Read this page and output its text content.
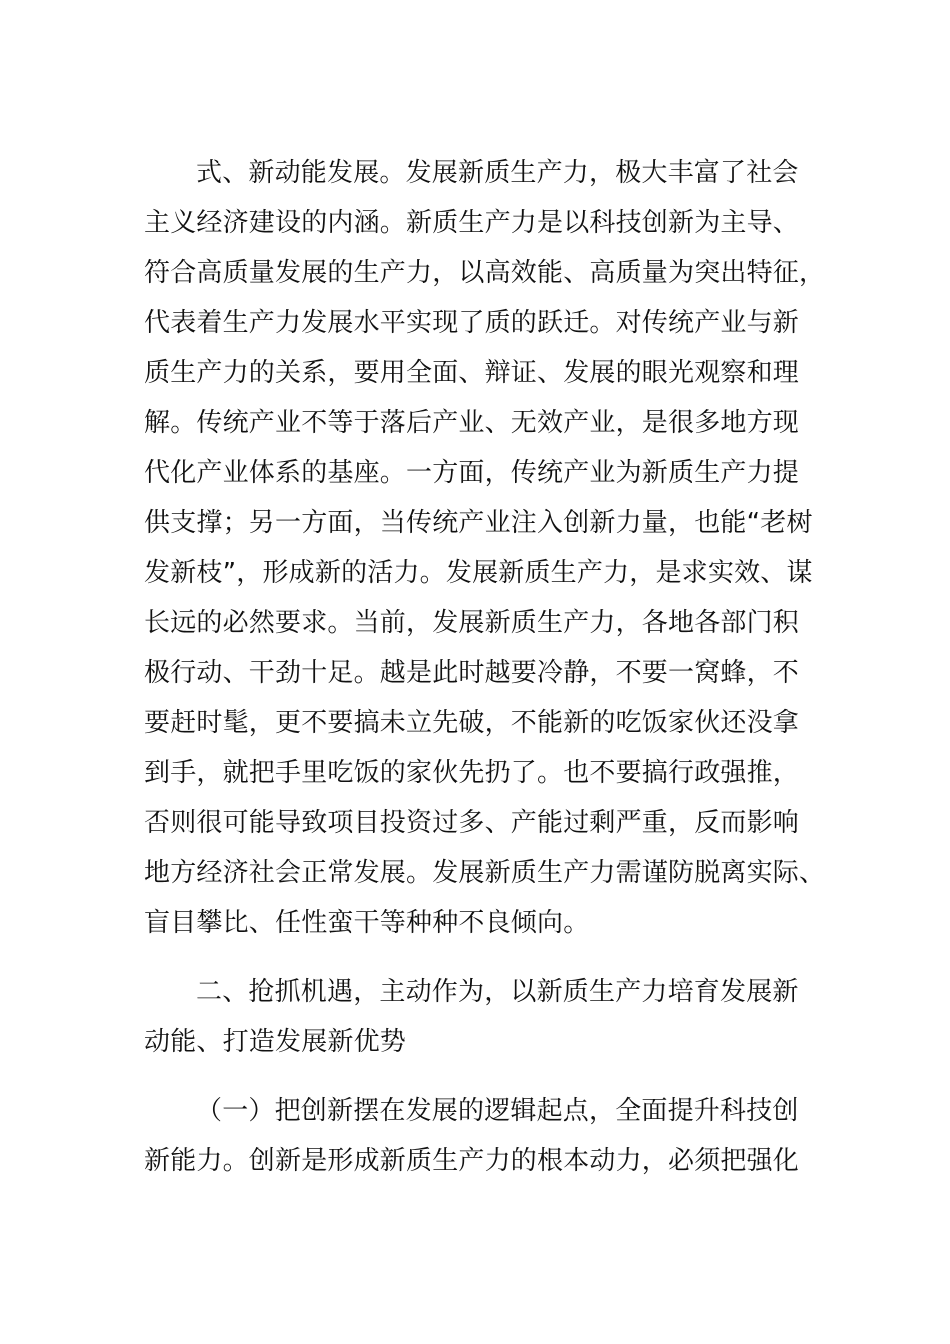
式、新动能发展。发展新质生产力，极大丰富了社会
主义经济建设的内涵。新质生产力是以科技创新为主导、
符合高质量发展的生产力，以高效能、高质量为突出特征，
代表着生产力发展水平实现了质的跃迁。对传统产业与新
质生产力的关系，要用全面、辩证、发展的眼光观察和理
解。传统产业不等于落后产业、无效产业，是很多地方现
代化产业体系的基座。一方面，传统产业为新质生产力提
供支撑；另一方面，当传统产业注入创新力量，也能“老树
发新枝”，形成新的活力。发展新质生产力，是求实效、谋
长远的必然要求。当前，发展新质生产力，各地各部门积
极行动、干劲十足。越是此时越要冷静，不要一窝蜂，不
要赶时髦，更不要搞未立先破，不能新的吃饭家伙还没拿
到手，就把手里吃饭的家伙先扔了。也不要搞行政强推，
否则很可能导致项目投资过多、产能过剩严重，反而影响
地方经济社会正常发展。发展新质生产力需谨防脱离实际、
盲目攀比、任性蛮干等种种不良倾向。
二、抢抓机遇，主动作为，以新质生产力培育发展新
动能、打造发展新优势
（一）把创新摆在发展的逻辑起点，全面提升科技创
新能力。创新是形成新质生产力的根本动力，必须把强化
